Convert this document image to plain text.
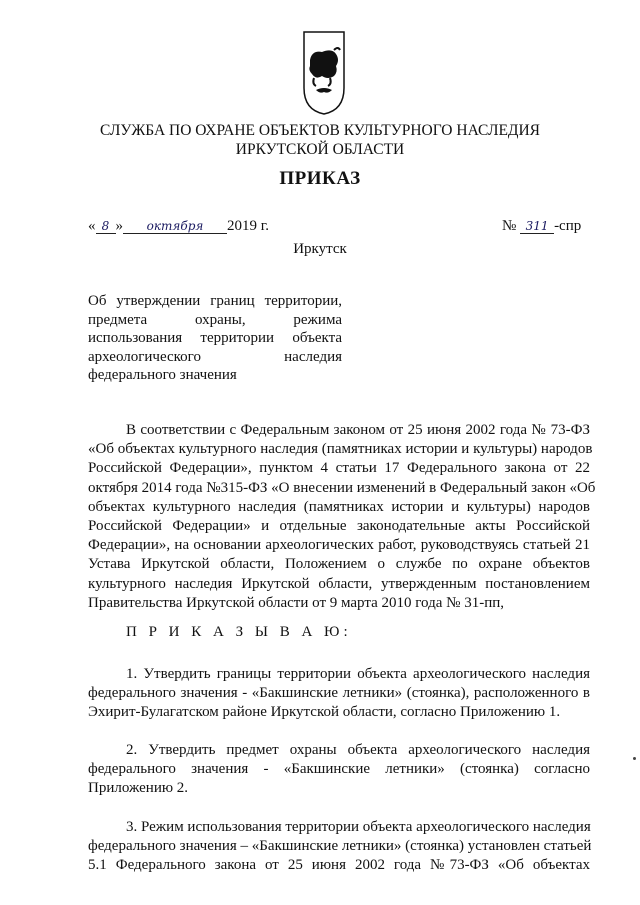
СЛУЖБА ПО ОХРАНЕ ОБЪЕКТОВ КУЛЬТУРНОГО НАСЛЕДИЯ
ИРКУТСКОЙ ОБЛАСТИ
ПРИКАЗ
« 8 » октября 2019 г.	№ 311 -спр
Иркутск
Об утверждении границ территории,
предмета охраны, режима
использования территории объекта
археологического наследия
федерального значения
В соответствии с Федеральным законом от 25 июня 2002 года № 73-ФЗ
«Об объектах культурного наследия (памятниках истории и культуры) народов
Российской Федерации», пунктом 4 статьи 17 Федерального закона от 22
октября 2014 года №315-ФЗ «О внесении изменений в Федеральный закон «Об
объектах культурного наследия (памятниках истории и культуры) народов
Российской Федерации» и отдельные законодательные акты Российской
Федерации», на основании археологических работ, руководствуясь статьей 21
Устава Иркутской области, Положением о службе по охране объектов
культурного наследия Иркутской области, утвержденным постановлением
Правительства Иркутской области от 9 марта 2010 года № 31-пп,
П Р И К А З Ы В А Ю:
1. Утвердить границы территории объекта археологического наследия
федерального значения - «Бакшинские летники» (стоянка), расположенного в
Эхирит-Булагатском районе Иркутской области, согласно Приложению 1.
2. Утвердить предмет охраны объекта археологического наследия
федерального значения - «Бакшинские летники» (стоянка) согласно
Приложению 2.
3. Режим использования территории объекта археологического наследия
федерального значения – «Бакшинские летники» (стоянка) установлен статьей
5.1 Федерального закона от 25 июня 2002 года №73-ФЗ «Об объектах
